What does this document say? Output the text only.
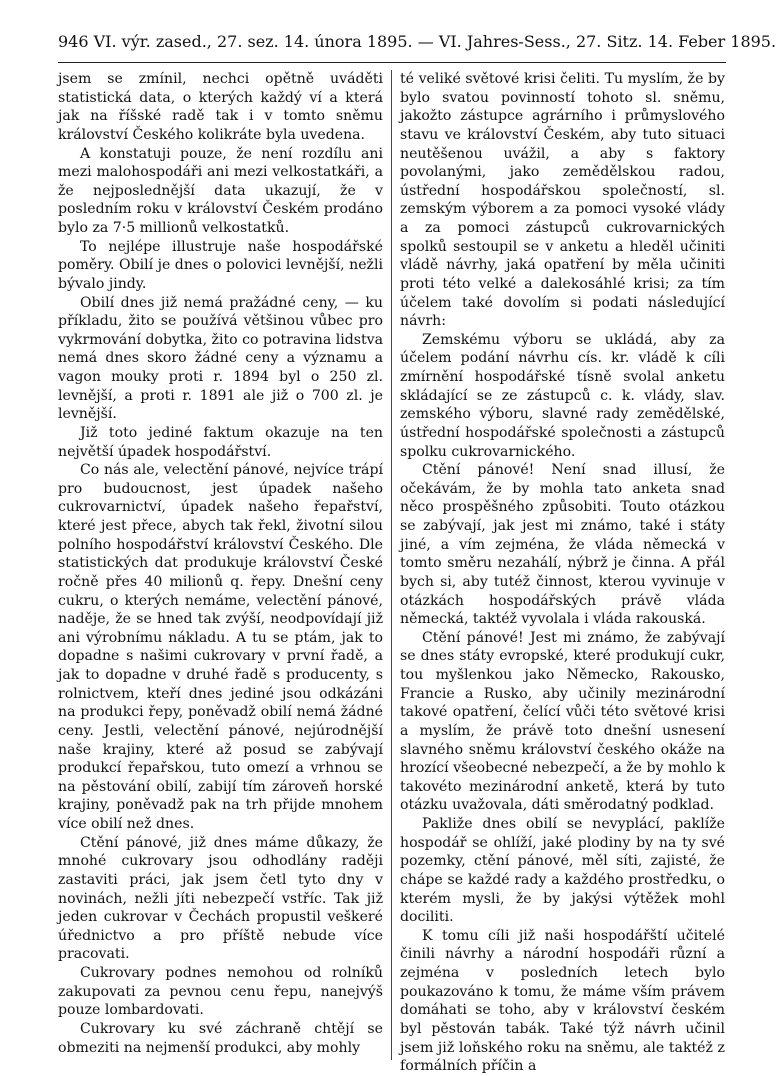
946 VI. výr. zased., 27. sez. 14. února 1895. — VI. Jahres-Sess., 27. Sitz. 14. Feber 1895.

jsem se zmínil, nechci opětně uváděti statistická data, o kterých každý ví a která jak na říšské radě tak i v tomto sněmu království Českého kolikráte byla uvedena.

A konstatuji pouze, že není rozdílu ani mezi malohospodáři ani mezi velkostatkáři, a že nejposlednější data ukazují, že v posledním roku v království Českém prodáno bylo za 7·5 millionů velkostatků.

To nejlépe illustruje naše hospodářské poměry. Obilí je dnes o polovici levnější, nežli bývalo jindy.

Obilí dnes již nemá pražádné ceny, — ku příkladu, žito se používá většinou vůbec pro vykrmování dobytka, žito co potravina lidstva nemá dnes skoro žádné ceny a významu a vagon mouky proti r. 1894 byl o 250 zl. levnější, a proti r. 1891 ale již o 700 zl. je levnější.

Již toto jediné faktum okazuje na ten největší úpadek hospodářství.

Co nás ale, velectění pánové, nejvíce trápí pro budoucnost, jest úpadek našeho cukrovarnictví, úpadek našeho řepařství, které jest přece, abych tak řekl, životní silou polního hospodářství království Českého. Dle statistických dat produkuje království České ročně přes 40 milionů q. řepy. Dnešní ceny cukru, o kterých nemáme, velectění pánové, naděje, že se hned tak zvýší, neodpovídají již ani výrobnímu nákladu. A tu se ptám, jak to dopadne s našimi cukrovary v první řadě, a jak to dopadne v druhé řadě s producenty, s rolnictvem, kteří dnes jediné jsou odkázáni na produkci řepy, poněvadž obilí nemá žádné ceny. Jestli, velectění pánové, nejúrodnější naše krajiny, které až posud se zabývají produkcí řepařskou, tuto omezí a vrhnou se na pěstování obilí, zabijí tím zároveň horské krajiny, poněvadž pak na trh přijde mnohem více obilí než dnes.

Ctění pánové, již dnes máme důkazy, že mnohé cukrovary jsou odhodlány raději zastaviti práci, jak jsem četl tyto dny v novinách, nežli jíti nebezpečí vstříc. Tak již jeden cukrovar v Čechách propustil veškeré úřednictvo a pro příště nebude více pracovati.

Cukrovary podnes nemohou od rolníků zakupovati za pevnou cenu řepu, nanejvýš pouze lombardovati.

Cukrovary ku své záchraně chtějí se obmeziti na nejmenší produkci, aby mohly

té veliké světové krisi čeliti. Tu myslím, že by bylo svatou povinností tohoto sl. sněmu, jakožto zástupce agrárního i průmyslového stavu ve království Českém, aby tuto situaci neutěšenou uvážil, a aby s faktory povolanými, jako zemědělskou radou, ústřední hospodářskou společností, sl. zemským výborem a za pomoci vysoké vlády a za pomoci zástupců cukrovarnických spolků sestoupil se v anketu a hleděl učiniti vládě návrhy, jaká opatření by měla učiniti proti této velké a dalekosáhlé krisi; za tím účelem také dovolím si podati následující návrh:

Zemskému výboru se ukládá, aby za účelem podání návrhu cís. kr. vládě k cíli zmírnění hospodářské tísně svolal anketu skládající se ze zástupců c. k. vlády, slav. zemského výboru, slavné rady zemědělské, ústřední hospodářské společnosti a zástupců spolku cukrovarnického.

Ctění pánové! Není snad illusí, že očekávám, že by mohla tato anketa snad něco prospěšného způsobiti. Touto otázkou se zabývají, jak jest mi známo, také i státy jiné, a vím zejména, že vláda německá v tomto směru nezahálí, nýbrž je činna. A přál bych si, aby tutéž činnost, kterou vyvinuje v otázkách hospodářských právě vláda německá, taktéž vyvolala i vláda rakouská.

Ctění pánové! Jest mi známo, že zabývají se dnes státy evropské, které produkují cukr, tou myšlenkou jako Německo, Rakousko, Francie a Rusko, aby učinily mezinárodní takové opatření, čelící vůči této světové krisi a myslím, že právě toto dnešní usnesení slavného sněmu království českého okáže na hrozící všeobecné nebezpečí, a že by mohlo k takovéto mezinárodní anketě, která by tuto otázku uvažovala, dáti směrodatný podklad.

Pakliže dnes obilí se nevyplácí, paklíže hospodář se ohlíží, jaké plodiny by na ty své pozemky, ctění pánové, měl síti, zajisté, že chápe se každé rady a každého prostředku, o kterém mysli, že by jakýsi výtěžek mohl dociliti.

K tomu cíli již naši hospodářští učitelé činili návrhy a národní hospodáři různí a zejména v posledních letech bylo poukazováno k tomu, že máme vším právem domáhati se toho, aby v království českém byl pěstován tabák. Také týž návrh učinil jsem již loňského roku na sněmu, ale taktéž z formálních příčin a
